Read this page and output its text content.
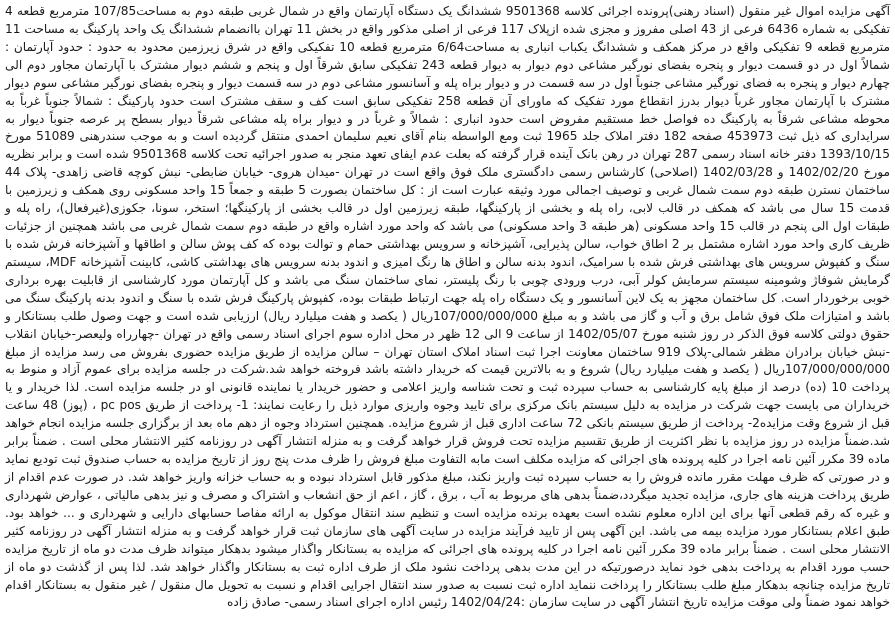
آگهی مزایده اموال غیر منقول (اسناد رهنی)پرونده اجرائی کلاسه 9501368 ششدانگ یک دستگاه آپارتمان واقع در شمال غربی طبقه دوم به مساحت107/85 مترمربع قطعه 4 تفکیکی به شماره 6436 فرعی از 43 اصلی مفروز و مجزی شده ازپلاک 117 فرعی از اصلی مذکور واقع در بخش 11 تهران باانضمام ششدانگ یک واحد پارکینگ به مساحت 11 مترمربع قطعه 9 تفکیکی واقع در مرکز همکف و ششدانگ یکباب انباری به مساحت6/64 مترمربع قطعه 10 تفکیکی واقع در شرق زیرزمین محدود به حدود : حدود آپارتمان : شمالاً اول در دو قسمت دیوار و پنجره بفضای نورگیر مشاعی دوم دیوار به دیوار قطعه 243 تفکیکی سابق شرقاً اول و پنجم و ششم دیوار مشترک با آپارتمان مجاور دوم الی چهارم دیوار و پنجره به فضای نورگیر مشاعی جنوباً اول در سه قسمت در و دیوار براه پله و آسانسور مشاعی دوم در سه قسمت دیوار و پنجره بفضای نورگیر مشاعی سوم دیوار مشترک با آپارتمان مجاور غرباً دیوار بدرز انقطاع مورد تفکیک که ماورای آن قطعه 258 تفکیکی سابق است کف و سقف مشترک است حدود پارکینگ : شمالاً جنوباً غرباً به محوطه مشاعی شرقاً به پارکینگ ده فواصل خط مستقیم مفروض است حدود انباری : شمالاً و غرباً در و دیوار براه پله مشاعی شرقاً دیوار بسطح پر عرصه جنوباً دیوار به سرایداری که ذیل ثبت 453973 صفحه 182 دفتر املاک جلد 1965 ثبت ومع الواسطه بنام آقای نعیم سلیمان احمدی منتقل گردیده است و به موجب سندرهنی 51089 مورخ 1393/10/15 دفتر خانه اسناد رسمی 287 تهران در رهن بانک آینده قرار گرفته که بعلت عدم ایفای تعهد منجر به صدور اجرائیه تحت کلاسه 9501368 شده است و برابر نظریه مورخ 1402/02/20 و 1402/03/28 (اصلاحی) کارشناس رسمی دادگستری ملک فوق واقع است در تهران -میدان هروی- خیابان ضابطی- نبش کوچه قاضی زاهدی- پلاک 44 ساختمان نسترن طبقه دوم سمت شمال غربی و توصیف اجمالی مورد وثیقه عبارت است از : کل ساختمان بصورت 5 طبقه و جمعاً 15 واحد مسکونی روی همکف و زیرزمین با قدمت 15 سال می باشد که همکف در قالب لابی، راه پله و بخشی از پارکینگها، طبقه زیرزمین اول در قالب بخشی از پارکینگها؛ استخر، سونا، جکوزی(غیرفعال)، راه پله و طبقات اول الی پنجم در قالب 15 واحد مسکونی (هر طبقه 3 واحد مسکونی) می باشد که واحد مورد اشاره واقع در طبقه دوم سمت شمال غربی می باشد همچنین از جزئیات ظریف کاری واحد مورد اشاره مشتمل بر 2 اطاق خواب، سالن پذیرایی، آشپزخانه و سرویس بهداشتی حمام و توالت بوده که کف پوش سالن و اطاقها و آشپزخانه فرش شده با سنگ و کفپوش سرویس های بهداشتی فرش شده با سرامیک، اندود بدنه سالن و اطاق ها رنگ امیزی و اندود بدنه سرویس های بهداشتی کاشی، کابینت آشپزخانه MDF، سیستم گرمایش شوفاژ وشومینه سیستم سرمایش کولر آبی، درب ورودی چوبی با رنگ پلیستر، نمای ساختمان سنگ می باشد و کل آپارتمان مورد کارشناسی از قابلیت بهره برداری خوبی برخوردار است. کل ساختمان مجهز به یک لاین آسانسور و یک دستگاه راه پله جهت ارتباط طبقات بوده، کفپوش پارکینگ فرش شده با سنگ و اندود بدنه پارکینگ سنگ می باشد و امتیازات ملک فوق شامل برق و آب و گاز می باشد و به مبلغ 107/000/000/000ریال ( یکصد و هفت میلیارد ریال) ارزیابی شده است و جهت وصول طلب بستانکار و حقوق دولتی کلاسه فوق الذکر در روز شنبه مورخ 1402/05/07 از ساعت 9 الی 12 ظهر در محل اداره سوم اجرای اسناد رسمی واقع در تهران -چهارراه ولیعصر-خیابان انقلاب -نبش خیابان برادران مظفر شمالی-پلاک 919 ساختمان معاونت اجرا ثبت اسناد املاک استان تهران – سالن مزایده از طریق مزایده حضوری بفروش می رسد مزایده از مبلغ 107/000/000/000ریال ( یکصد و هفت میلیارد ریال) شروع و به بالاترین قیمت که خریدار داشته باشد فروخته خواهد شد.شرکت در جلسه مزایده برای عموم آزاد و منوط به پرداخت 10 (ده) درصد از مبلغ پایه کارشناسی به حساب سپرده ثبت و تحت شناسه واریز اعلامی و حضور خریدار یا نماینده قانونی او در جلسه مزایده است. لذا خریدار و یا خریداران می بایست جهت شرکت در مزایده به دلیل سیستم بانک مرکزی برای تایید وجوه واریزی موارد ذیل را رعایت نمایند: 1- پرداخت از طریق pc pos ، (پوز) 48 ساعت قبل از شروع وقت مزایده2- پرداخت از طریق سیستم بانکی 72 ساعت اداری قبل از شروع مزایده. همچنین استرداد وجوه از دهم ماه بعد از برگزاری جلسه مزایده انجام خواهد شد.ضمناً مزایده در روز مزایده با نظر اکثریت از طریق تقسیم مزایده تحت فروش قرار خواهد گرفت و به منزله انتشار آگهی در روزنامه کثیر الانتشار محلی است . ضمناً برابر ماده 39 مکرر آئین نامه اجرا در کلیه پرونده های اجرائی که مزایده مکلف است مابه التفاوت مبلغ فروش را ظرف مدت پنج روز از تاریخ مزایده به حساب صندوق ثبت تودیع نماید و در صورتی که ظرف مهلت مقرر مانده فروش را به حساب سپرده ثبت واریز نکند، مبلغ مذکور قابل استرداد نبوده و به حساب خزانه واریز خواهد شد. در صورت عدم اقدام از طریق پرداخت هزینه های جاری، مزایده تجدید میگردد،ضمناً بدهی های مربوط به آب ، برق ، گاز ، اعم از حق انشعاب و اشتراک و مصرف و نیز بدهی مالیاتی ، عوارض شهرداری و غیره که رقم قطعی آنها برای این اداره معلوم نشده است بعهده برنده مزایده است و تنظیم سند انتقال موکول به ارائه مفاصا حسابهای دارایی و شهرداری و ... خواهد بود. طبق اعلام بستانکار مورد مزایده بیمه می باشد. این آگهی پس از تایید فرآیند مزایده در سایت آگهی های سازمان ثبت قرار خواهد گرفت و به منزله انتشار آگهی در روزنامه کثیر الانتشار محلی است . ضمناً برابر ماده 39 مکرر آئین نامه اجرا در کلیه پرونده های اجرائی که مزایده به بستانکار واگذار میشود بدهکار میتواند ظرف مدت دو ماه از تاریخ مزایده حسب مورد اقدام به پرداخت بدهی خود نماید درصورتیکه در این مدت بدهی پرداخت نشود ملک از طرف اداره ثبت به بستانکار واگذار خواهد شد. لذا پس از گذشت دو ماه از تاریخ مزایده چنانچه بدهکار مبلغ طلب بستانکار را پرداخت ننماید اداره ثبت نسبت به صدور سند انتقال اجرایی اقدام و نسبت به تحویل مال منقول / غیر منقول به بستانکار اقدام خواهد نمود ضمناً ولی موقت مزایده تاریخ انتشار آگهی در سایت سازمان :1402/04/24 رئیس اداره اجرای اسناد رسمی- صادق زاده
